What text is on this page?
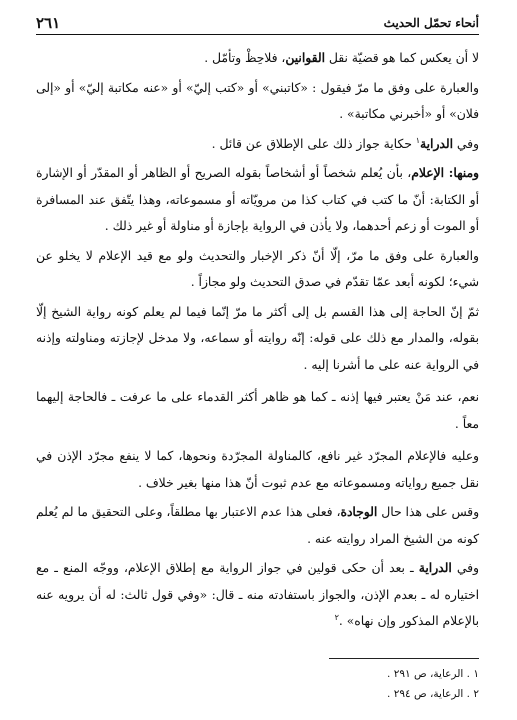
أنحاء تحمّل الحديث
٢٦١

لا أن يعكس كما هو قضيّة نقل القوانين، فلاحِظْ وتأمّل .

والعبارة على وفق ما مرّ فيقول : «كاتبني» أو «كتب إليّ» أو «عنه مكاتبة إليّ» أو «إلى فلان» أو «أخبرني مكاتبة» .

وفي الدراية$^١$ حكاية جواز ذلك على الإطلاق عن قائل .

ومنها: الإعلام، بأن يُعلم شخصاً أو أشخاصاً بقوله الصريح أو الظاهر أو المقدّر أو الإشارة أو الكتابة: أنّ ما كتب في كتاب كذا من مرويّاته أو مسموعاته، وهذا يتّفق عند المسافرة أو الموت أو زعم أحدهما، ولا يأذن في الرواية بإجازة أو مناولة أو غير ذلك .

والعبارة على وفق ما مرّ، إلّا أنّ ذكر الإخبار والتحديث ولو مع قيد الإعلام لا يخلو عن شيء؛ لكونه أبعد عمّا تقدّم في صدق التحديث ولو مجازاً .

ثمّ إنّ الحاجة إلى هذا القسم بل إلى أكثر ما مرّ إنّما فيما لم يعلم كونه رواية الشيخ إلّا بقوله، والمدار مع ذلك على قوله: إنّه روايته أو سماعه، ولا مدخل لإجازته ومناولته وإذنه في الرواية عنه على ما أشرنا إليه .

نعم، عند مَنْ يعتبر فيها إذنه ـ كما هو ظاهر أكثر القدماء على ما عرفت ـ فالحاجة إليهما معاً .

وعليه فالإعلام المجرّد غير نافع، كالمناولة المجرّدة ونحوها، كما لا ينفع مجرّد الإذن في نقل جميع رواياته ومسموعاته مع عدم ثبوت أنّ هذا منها بغير خلاف .

وقس على هذا حال الوجادة، فعلى هذا عدم الاعتبار بها مطلقاً، وعلى التحقيق ما لم يُعلم كونه من الشيخ المراد روايته عنه .

وفي الدراية ـ بعد أن حكى قولين في جواز الرواية مع إطلاق الإعلام، ووجّه المنع ـ مع اختياره له ـ بعدم الإذن، والجواز باستفادته منه ـ قال: «وفي قول ثالث: له أن يرويه عنه بالإعلام المذكور وإن نهاه» .$^٢$

١ . الرعاية، ص ٢٩١ .
٢ . الرعاية، ص ٢٩٤ .
